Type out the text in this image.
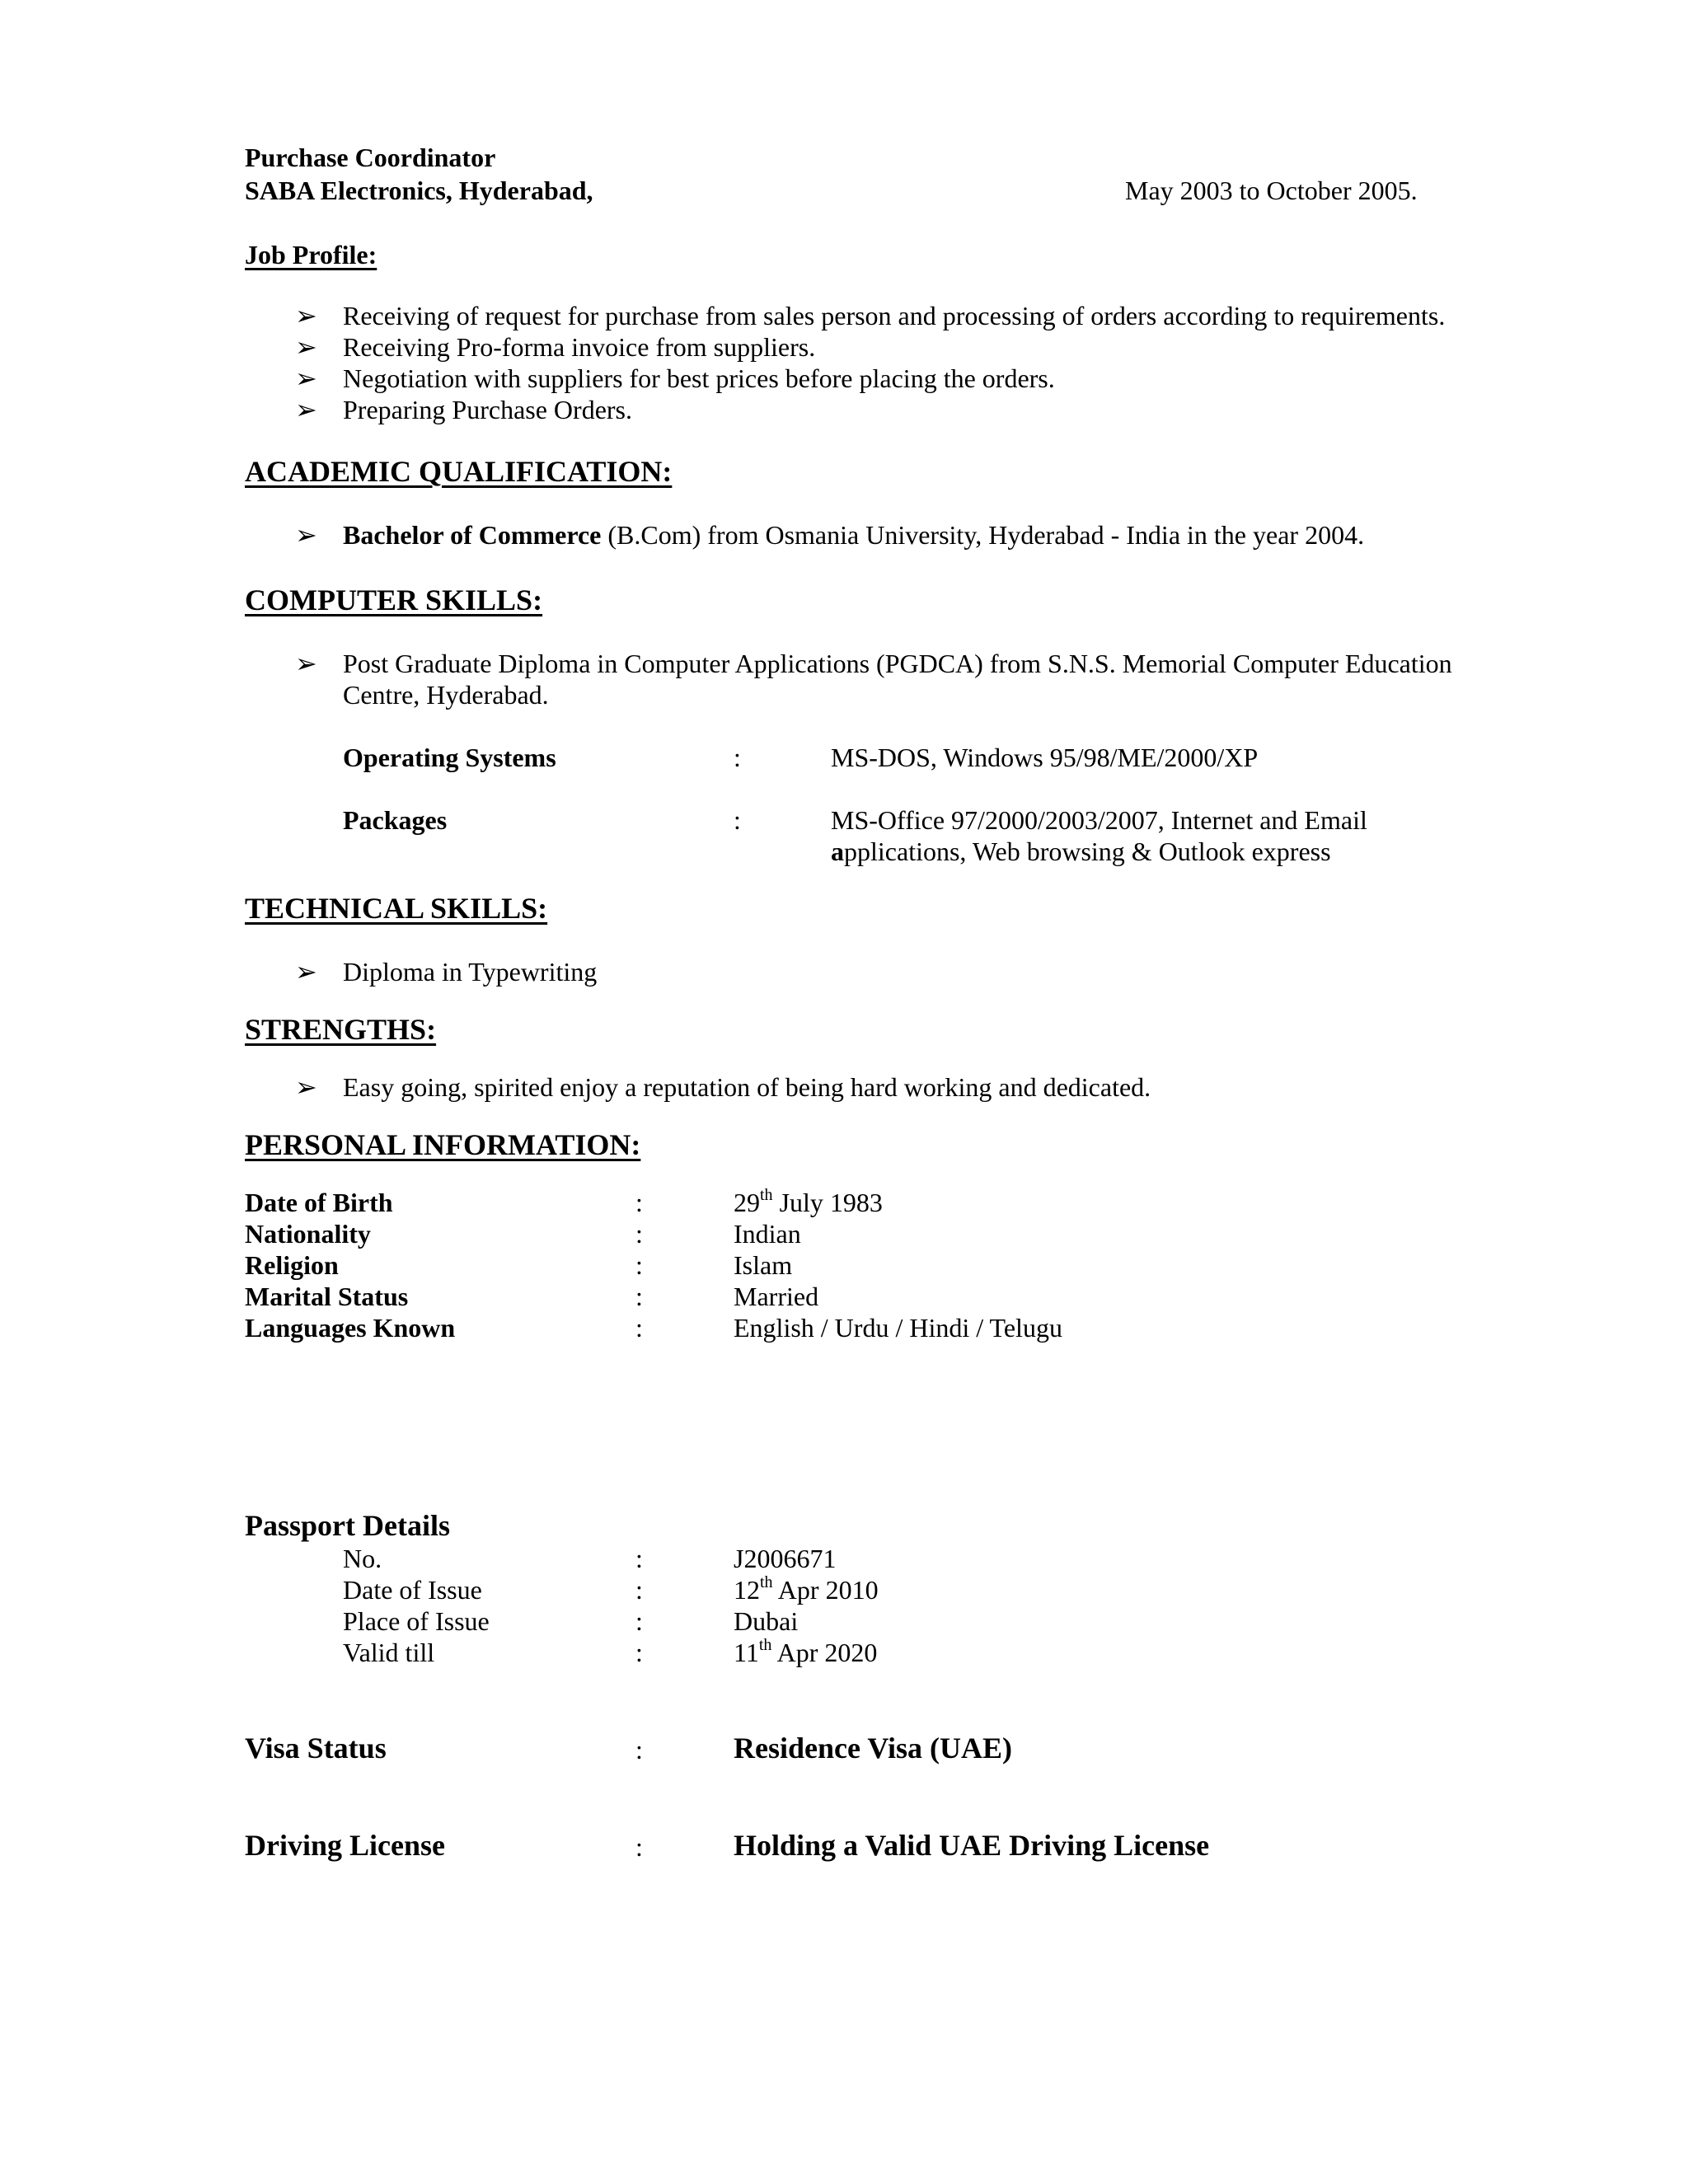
Purchase Coordinator
SABA Electronics, Hyderabad,	May 2003 to October 2005.
Job Profile:
➢ Receiving of request for purchase from sales person and processing of orders according to requirements.
➢ Receiving Pro-forma invoice from suppliers.
➢ Negotiation with suppliers for best prices before placing the orders.
➢ Preparing Purchase Orders.
ACADEMIC QUALIFICATION:
➢ Bachelor of Commerce (B.Com) from Osmania University, Hyderabad - India in the year 2004.
COMPUTER SKILLS:
➢ Post Graduate Diploma in Computer Applications (PGDCA) from S.N.S. Memorial Computer Education
Centre, Hyderabad.
Operating Systems	:	MS-DOS, Windows 95/98/ME/2000/XP
Packages	:	MS-Office 97/2000/2003/2007, Internet and Email
applications, Web browsing & Outlook express
TECHNICAL SKILLS:
➢ Diploma in Typewriting
STRENGTHS:
➢ Easy going, spirited enjoy a reputation of being hard working and dedicated.
PERSONAL INFORMATION:
Date of Birth	:	29th July 1983
Nationality	:	Indian
Religion	:	Islam
Marital Status	:	Married
Languages Known	:	English / Urdu / Hindi / Telugu
Passport Details
No.	:	J2006671
Date of Issue	:	12th Apr 2010
Place of Issue	:	Dubai
Valid till	:	11th Apr 2020
Visa Status	:	Residence Visa (UAE)
Driving License	:	Holding a Valid UAE Driving License
